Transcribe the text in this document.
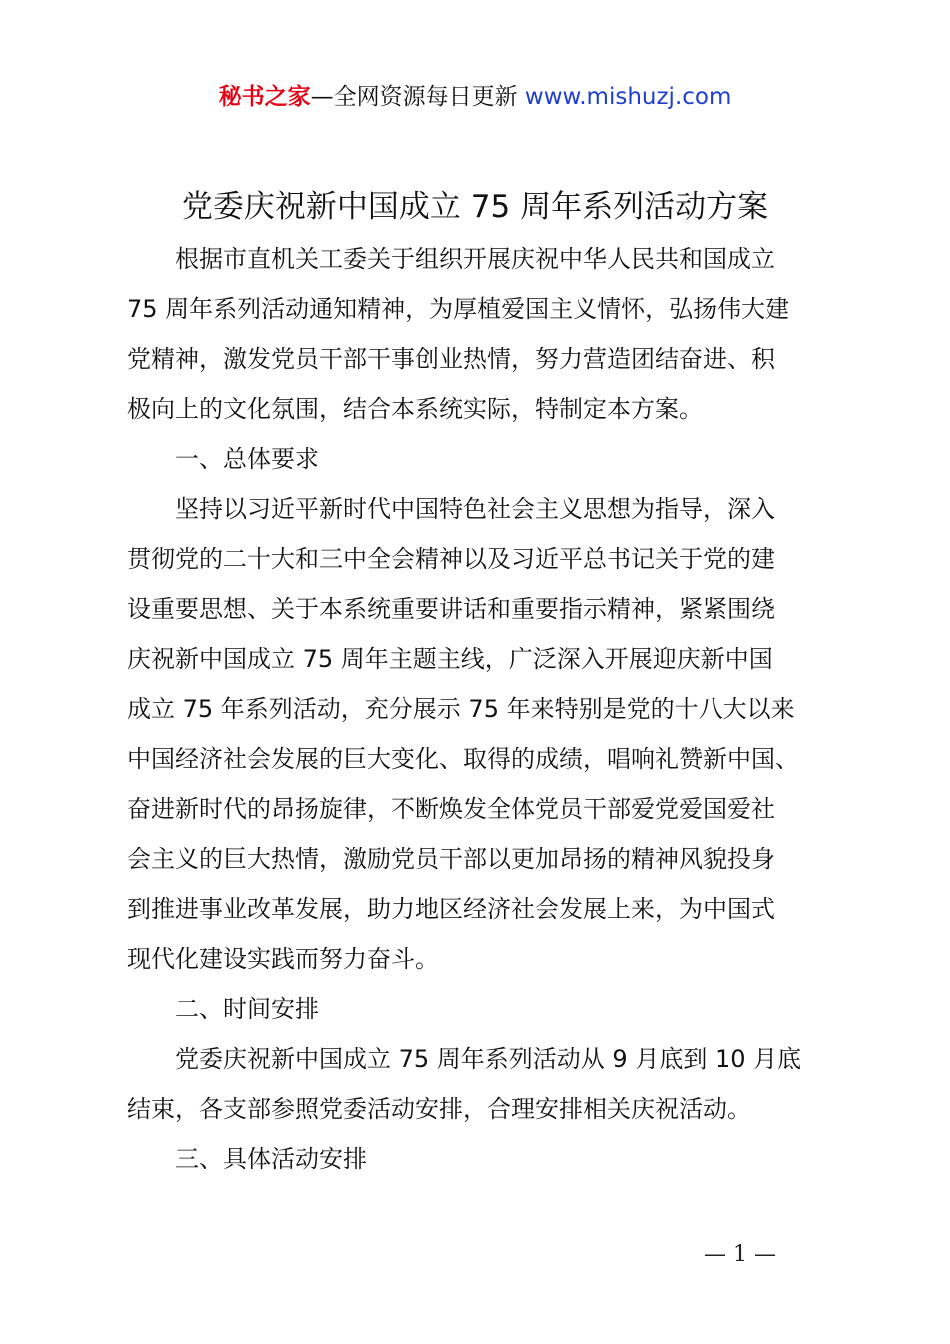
秘书之家—全网资源每日更新 www.mishuzj.com
党委庆祝新中国成立 75 周年系列活动方案
根据市直机关工委关于组织开展庆祝中华人民共和国成立
75 周年系列活动通知精神，为厚植爱国主义情怀，弘扬伟大建
党精神，激发党员干部干事创业热情，努力营造团结奋进、积
极向上的文化氛围，结合本系统实际，特制定本方案。
一、总体要求
坚持以习近平新时代中国特色社会主义思想为指导，深入
贯彻党的二十大和三中全会精神以及习近平总书记关于党的建
设重要思想、关于本系统重要讲话和重要指示精神，紧紧围绕
庆祝新中国成立 75 周年主题主线，广泛深入开展迎庆新中国
成立 75 年系列活动，充分展示 75 年来特别是党的十八大以来
中国经济社会发展的巨大变化、取得的成绩，唱响礼赞新中国、
奋进新时代的昂扬旋律，不断焕发全体党员干部爱党爱国爱社
会主义的巨大热情，激励党员干部以更加昂扬的精神风貌投身
到推进事业改革发展，助力地区经济社会发展上来，为中国式
现代化建设实践而努力奋斗。
二、时间安排
党委庆祝新中国成立 75 周年系列活动从 9 月底到 10 月底
结束，各支部参照党委活动安排，合理安排相关庆祝活动。
三、具体活动安排
— 1 —
